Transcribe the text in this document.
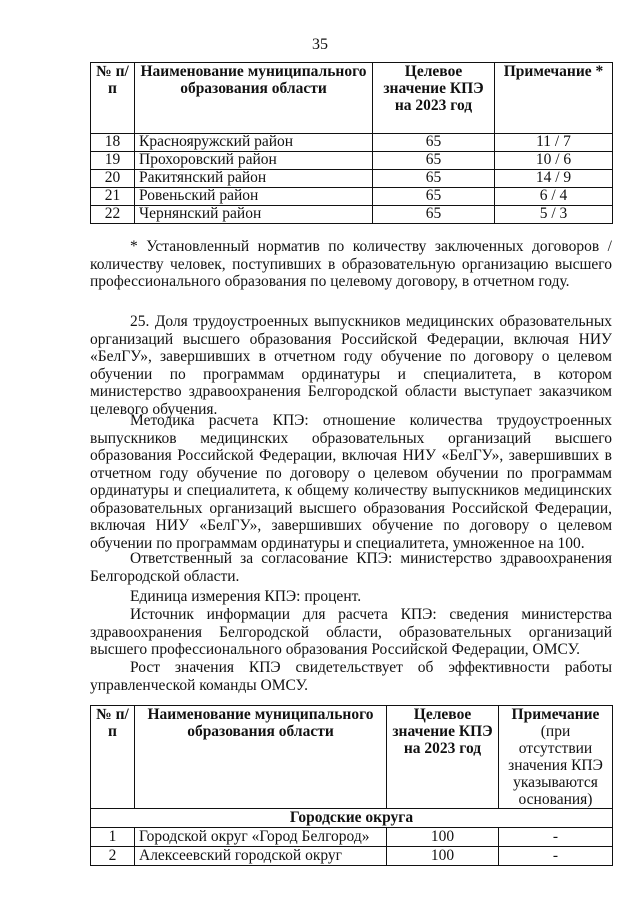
35
№ п/п	Наименование муниципального образования области	Целевое значение КПЭ на 2023 год	Примечание *
18	Краснояружский район	65	11 / 7
19	Прохоровский район	65	10 / 6
20	Ракитянский район	65	14 / 9
21	Ровеньский район	65	6 / 4
22	Чернянский район	65	5 / 3

* Установленный норматив по количеству заключенных договоров / количеству человек, поступивших в образовательную организацию высшего профессионального образования по целевому договору, в отчетном году.

25. Доля трудоустроенных выпускников медицинских образовательных организаций высшего образования Российской Федерации, включая НИУ «БелГУ», завершивших в отчетном году обучение по договору о целевом обучении по программам ординатуры и специалитета, в котором министерство здравоохранения Белгородской области выступает заказчиком целевого обучения.

Методика расчета КПЭ: отношение количества трудоустроенных выпускников медицинских образовательных организаций высшего образования Российской Федерации, включая НИУ «БелГУ», завершивших в отчетном году обучение по договору о целевом обучении по программам ординатуры и специалитета, к общему количеству выпускников медицинских образовательных организаций высшего образования Российской Федерации, включая НИУ «БелГУ», завершивших обучение по договору о целевом обучении по программам ординатуры и специалитета, умноженное на 100.

Ответственный за согласование КПЭ: министерство здравоохранения Белгородской области.

Единица измерения КПЭ: процент.

Источник информации для расчета КПЭ: сведения министерства здравоохранения Белгородской области, образовательных организаций высшего профессионального образования Российской Федерации, ОМСУ.

Рост значения КПЭ свидетельствует об эффективности работы управленческой команды ОМСУ.

№ п/п	Наименование муниципального образования области	Целевое значение КПЭ на 2023 год	Примечание
(при отсутствии значения КПЭ указываются основания)

Городские округа			
1	Городской округ «Город Белгород»	100	-
2	Алексеевский городской округ	100	-
